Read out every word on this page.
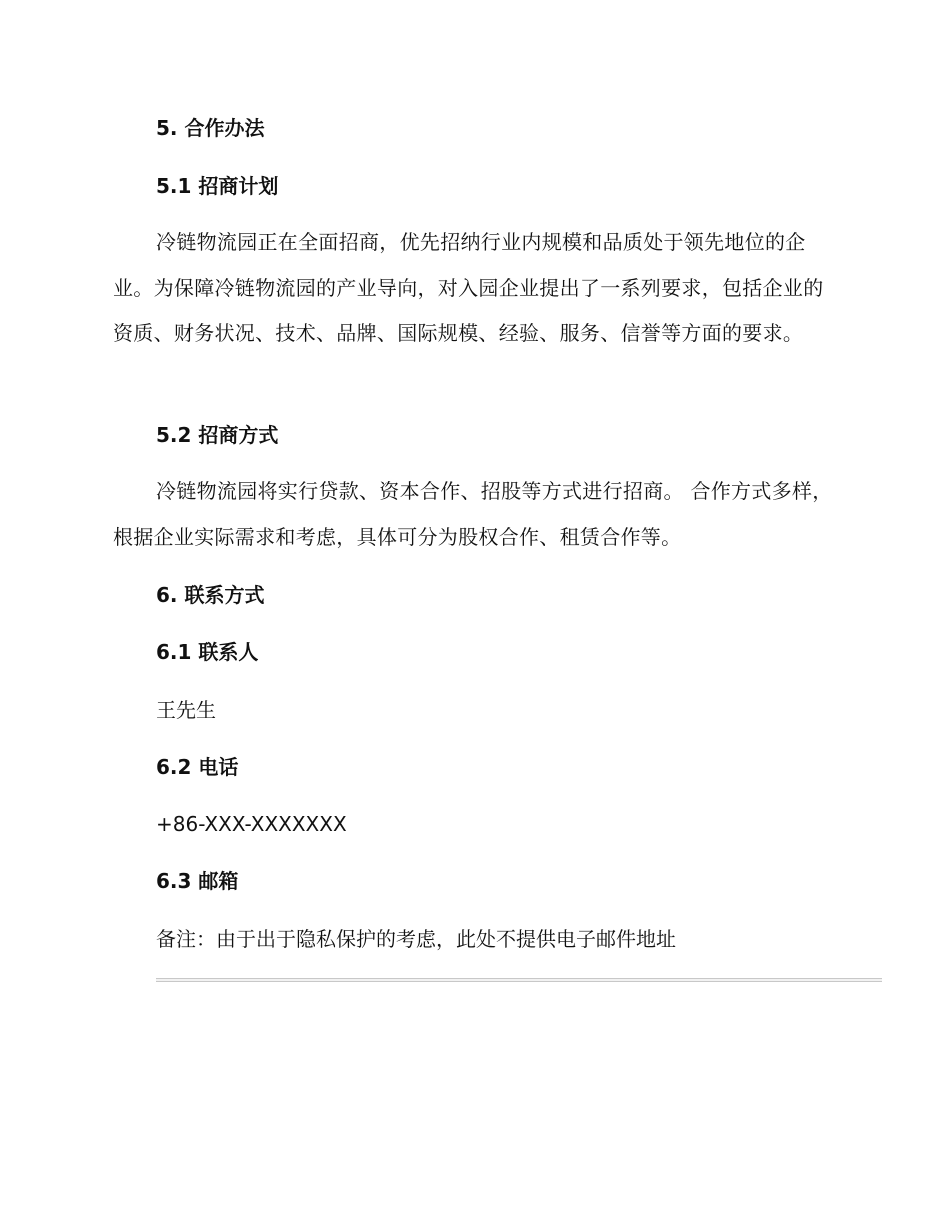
5. 合作办法
5.1 招商计划

冷链物流园正在全面招商，优先招纳行业内规模和品质处于领先地位的企业。为保障冷链物流园的产业导向，对入园企业提出了一系列要求，包括企业的资质、财务状况、技术、品牌、国际规模、经验、服务、信誉等方面的要求。

5.2 招商方式

冷链物流园将实行贷款、资本合作、招股等方式进行招商。 合作方式多样，根据企业实际需求和考虑，具体可分为股权合作、租赁合作等。

6. 联系方式
6.1 联系人

王先生

6.2 电话

+86-XXX-XXXXXXX

6.3 邮箱

备注：由于出于隐私保护的考虑，此处不提供电子邮件地址
